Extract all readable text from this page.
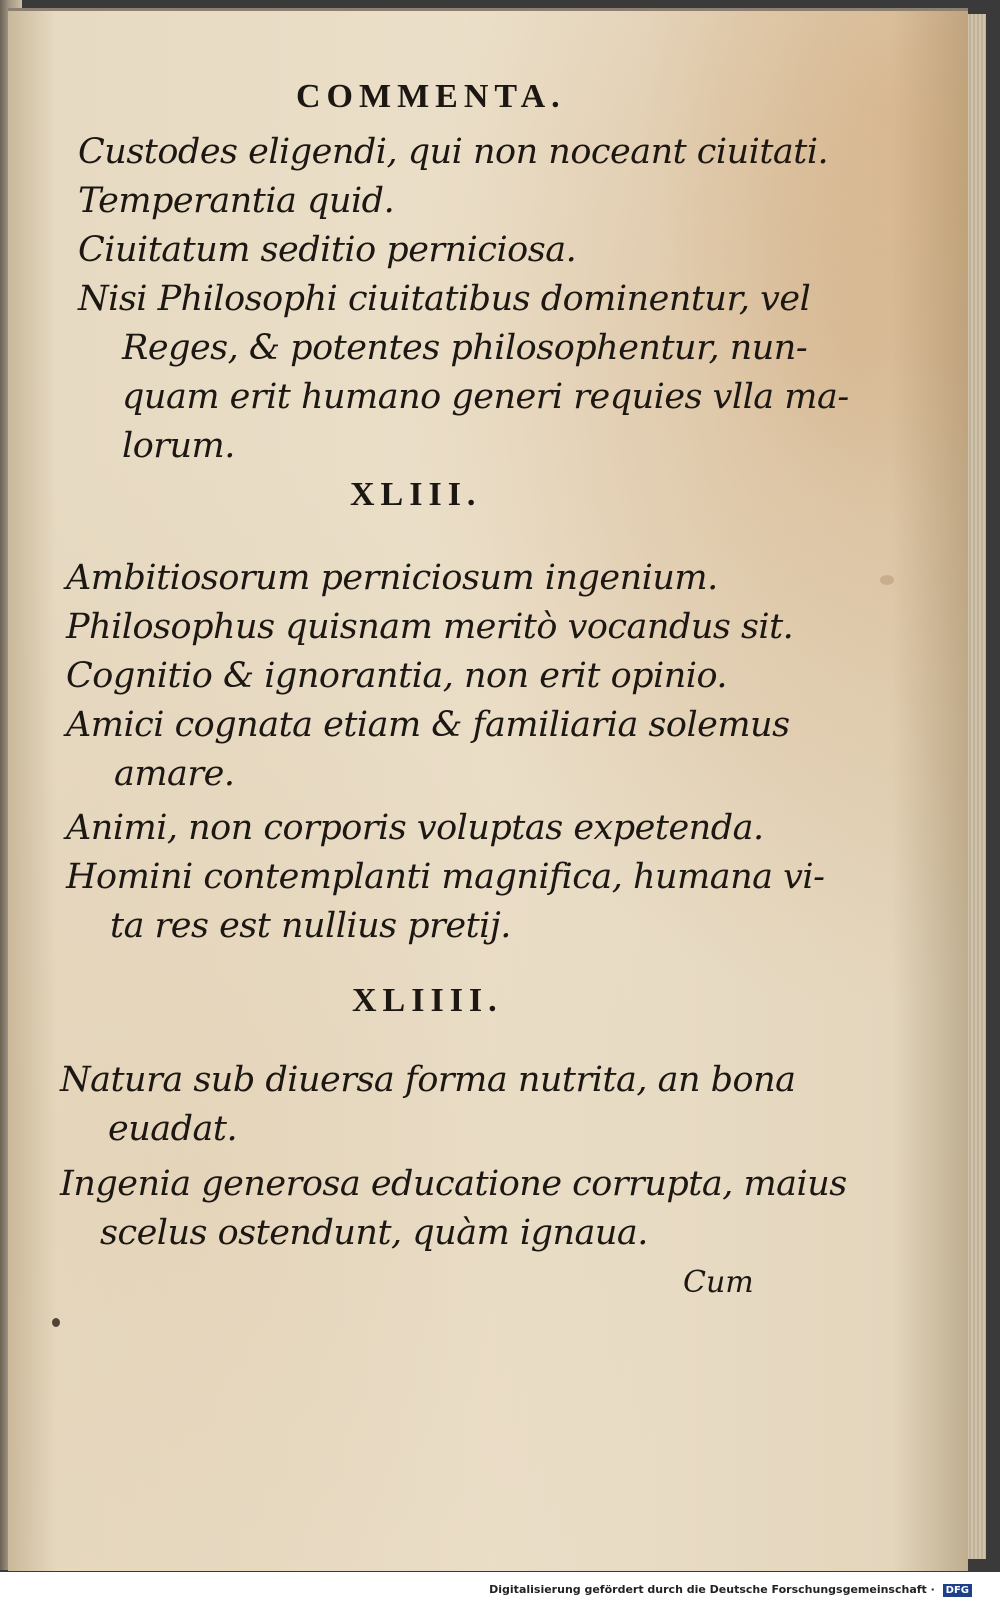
COMMENTA.
Custodes eligendi, qui non noceant ciuitati.
Temperantia quid.
Ciuitatum seditio perniciosa.
Nisi Philosophi ciuitatibus dominentur, vel
Reges, & potentes philosophentur, nun-
quam erit humano generi requies vlla ma-
lorum.
XLIII.
Ambitiosorum perniciosum ingenium.
Philosophus quisnam meritò vocandus sit.
Cognitio & ignorantia, non erit opinio.
Amici cognata etiam & familiaria solemus
amare.
Animi, non corporis voluptas expetenda.
Homini contemplanti magnifica, humana vi-
ta res est nullius pretij.
XLIIII.
Natura sub diuersa forma nutrita, an bona
euadat.
Ingenia generosa educatione corrupta, maius
scelus ostendunt, quàm ignaua.
Cum
Digitalisierung gefördert durch die Deutsche Forschungsgemeinschaft · DFG
